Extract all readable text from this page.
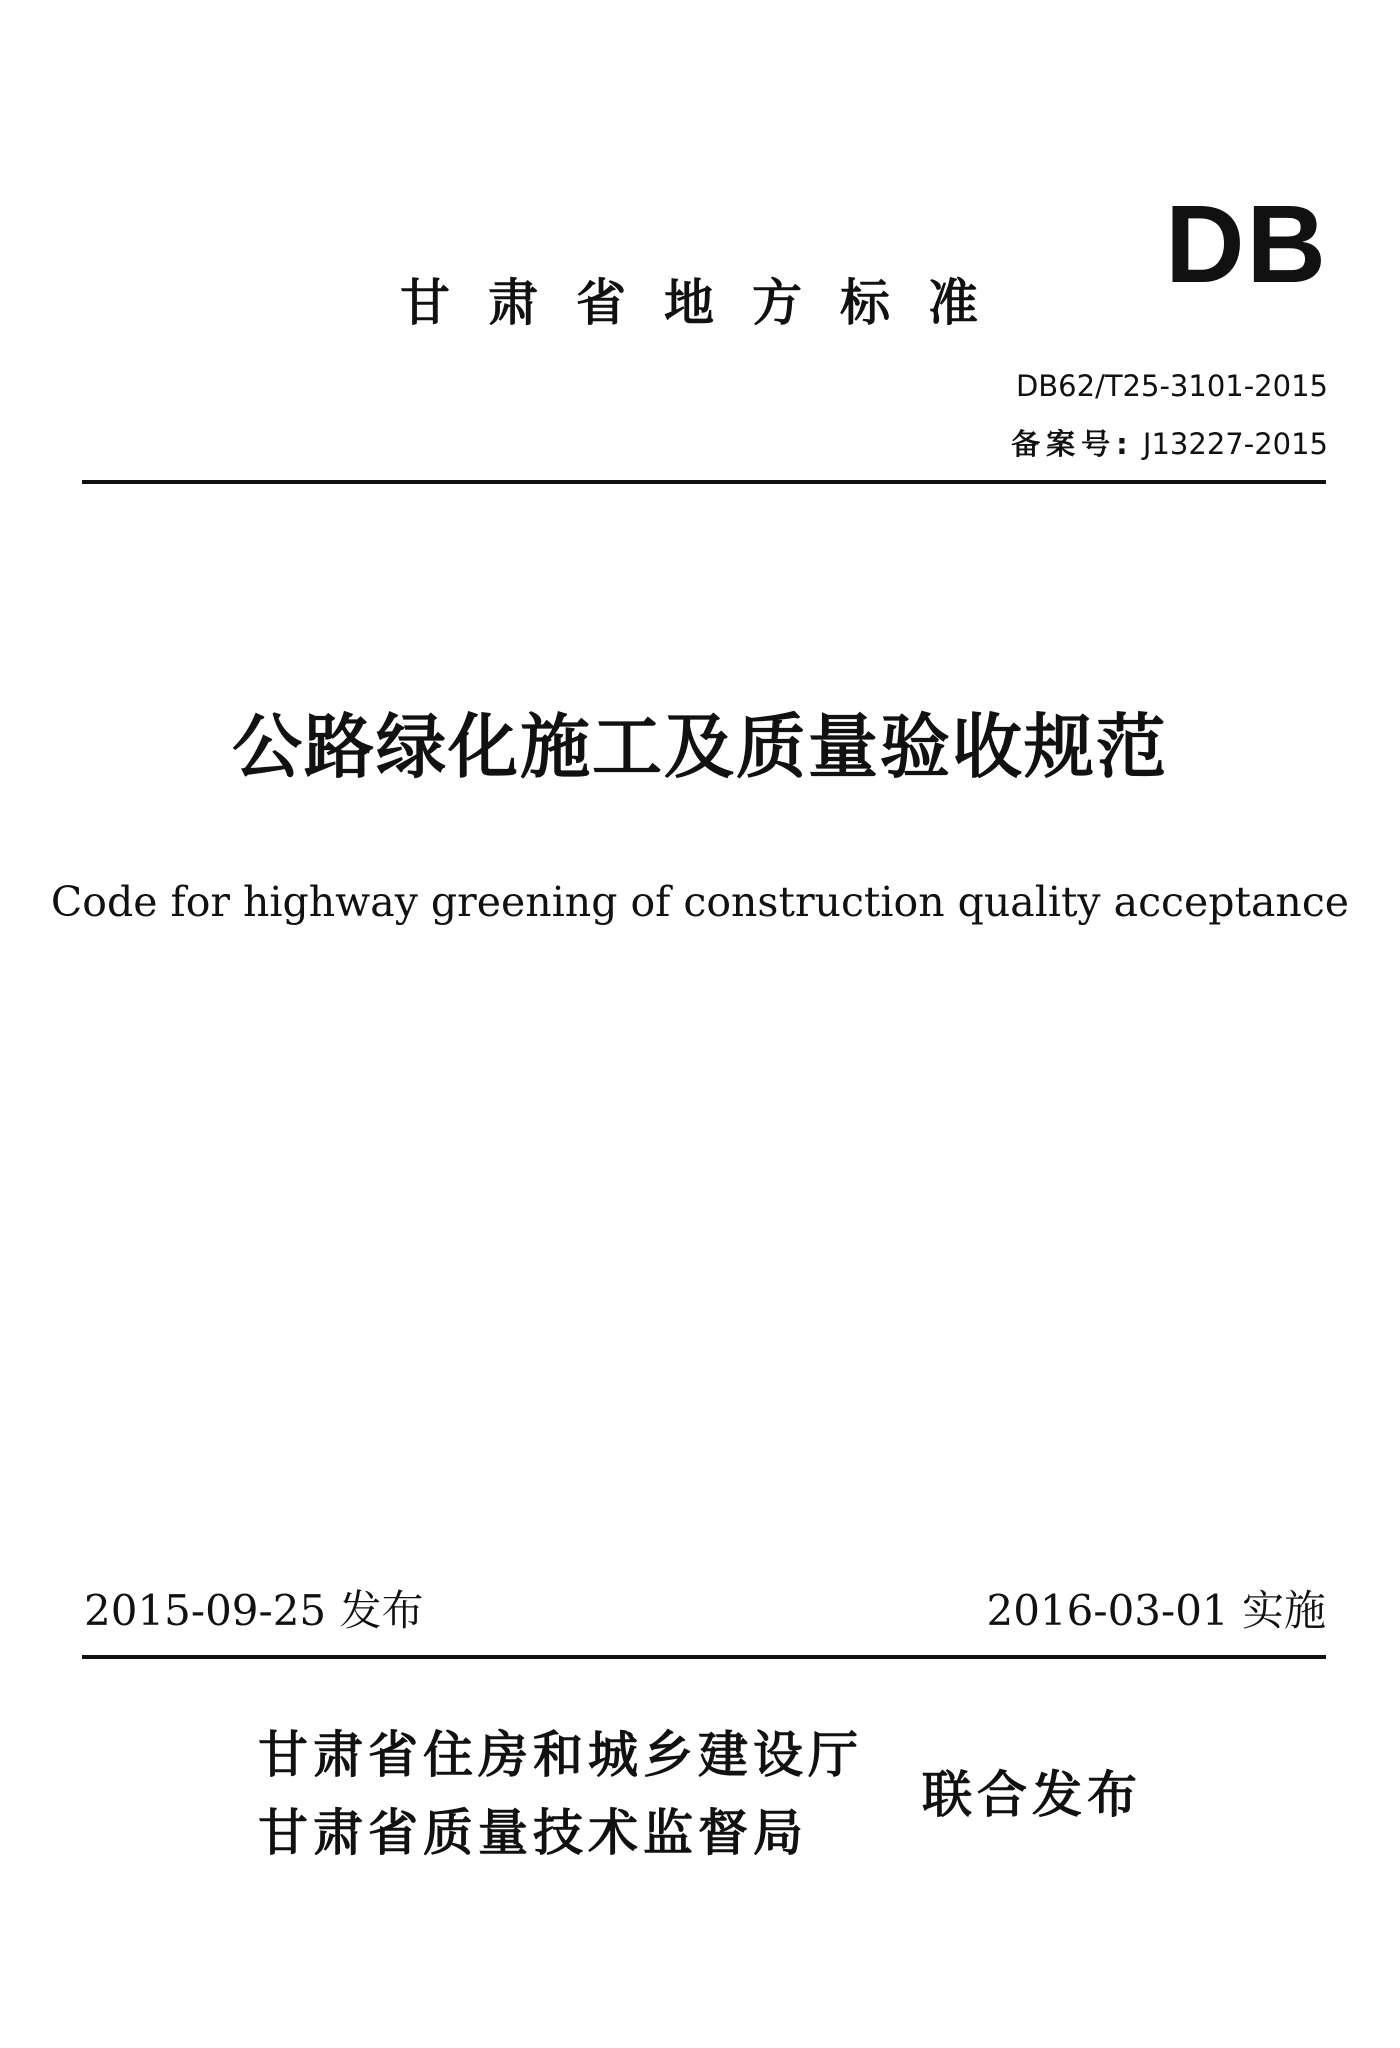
DB
甘肃省地方标准
DB62/T25-3101-2015
备案号: J13227-2015
公路绿化施工及质量验收规范
Code for highway greening of construction quality acceptance
2015-09-25 发布	2016-03-01 实施
甘肃省住房和城乡建设厅
甘肃省质量技术监督局
联合发布
